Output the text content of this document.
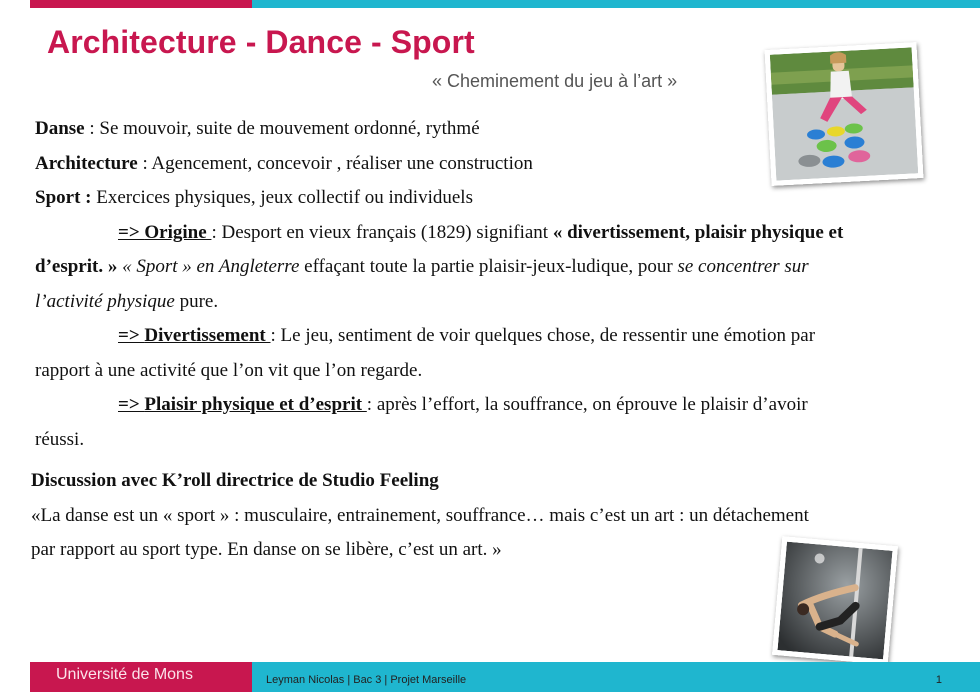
Architecture - Dance - Sport
« Cheminement du jeu à l’art »
Danse : Se mouvoir, suite de mouvement ordonné, rythmé
Architecture : Agencement, concevoir , réaliser une construction
Sport : Exercices physiques, jeux collectif ou individuels
=> Origine : Desport en vieux français (1829) signifiant « divertissement, plaisir physique et
d’esprit. » « Sport » en Angleterre effaçant toute la partie plaisir-jeux-ludique, pour se concentrer sur
l’activité physique pure.
=> Divertissement : Le jeu, sentiment de voir quelques chose, de ressentir une émotion par
rapport à une activité que l’on vit que l’on regarde.
=> Plaisir physique et d’esprit : après l’effort, la souffrance, on éprouve le plaisir d’avoir
réussi.
Discussion avec K’roll directrice de Studio Feeling
«La danse est un « sport » : musculaire, entrainement, souffrance… mais c’est un art : un détachement
par rapport au sport type. En danse on se libère, c’est un art. »
Université de Mons	Leyman Nicolas | Bac 3 | Projet Marseille	1
